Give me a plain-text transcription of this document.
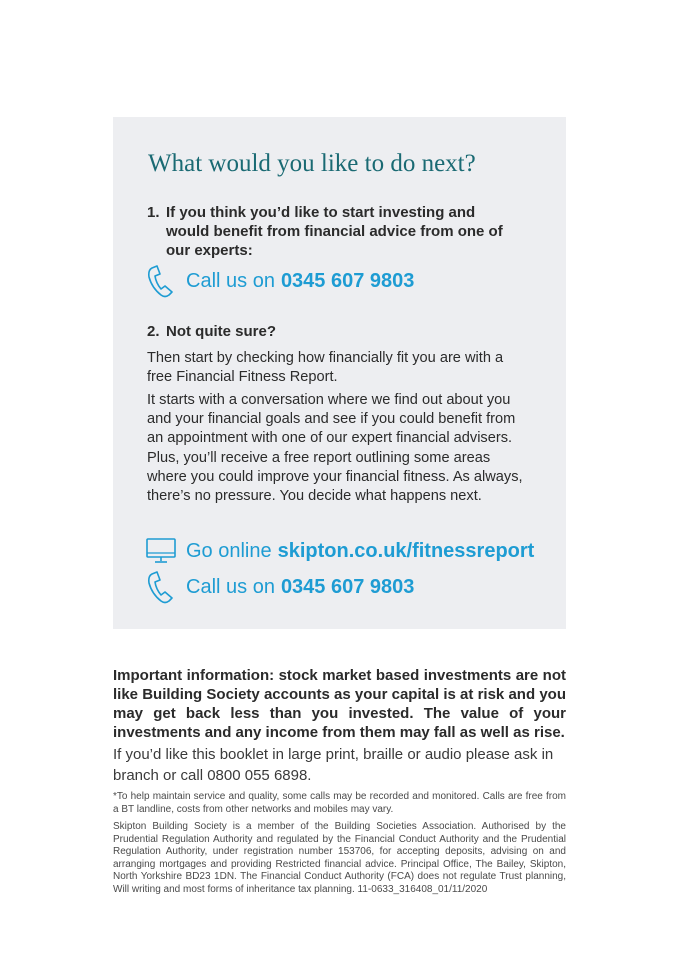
What would you like to do next?
1. If you think you’d like to start investing and would benefit from financial advice from one of our experts:
Call us on 0345 607 9803
2. Not quite sure?

Then start by checking how financially fit you are with a free Financial Fitness Report.

It starts with a conversation where we find out about you and your financial goals and see if you could benefit from an appointment with one of our expert financial advisers. Plus, you’ll receive a free report outlining some areas where you could improve your financial fitness. As always, there’s no pressure. You decide what happens next.

Go online skipton.co.uk/fitnessreport
Call us on 0345 607 9803

Important information: stock market based investments are not like Building Society accounts as your capital is at risk and you may get back less than you invested. The value of your investments and any income from them may fall as well as rise.

If you’d like this booklet in large print, braille or audio please ask in branch or call 0800 055 6898.

*To help maintain service and quality, some calls may be recorded and monitored. Calls are free from a BT landline, costs from other networks and mobiles may vary.

Skipton Building Society is a member of the Building Societies Association. Authorised by the Prudential Regulation Authority and regulated by the Financial Conduct Authority and the Prudential Regulation Authority, under registration number 153706, for accepting deposits, advising on and arranging mortgages and providing Restricted financial advice. Principal Office, The Bailey, Skipton, North Yorkshire BD23 1DN. The Financial Conduct Authority (FCA) does not regulate Trust planning, Will writing and most forms of inheritance tax planning. 11-0633_316408_01/11/2020
